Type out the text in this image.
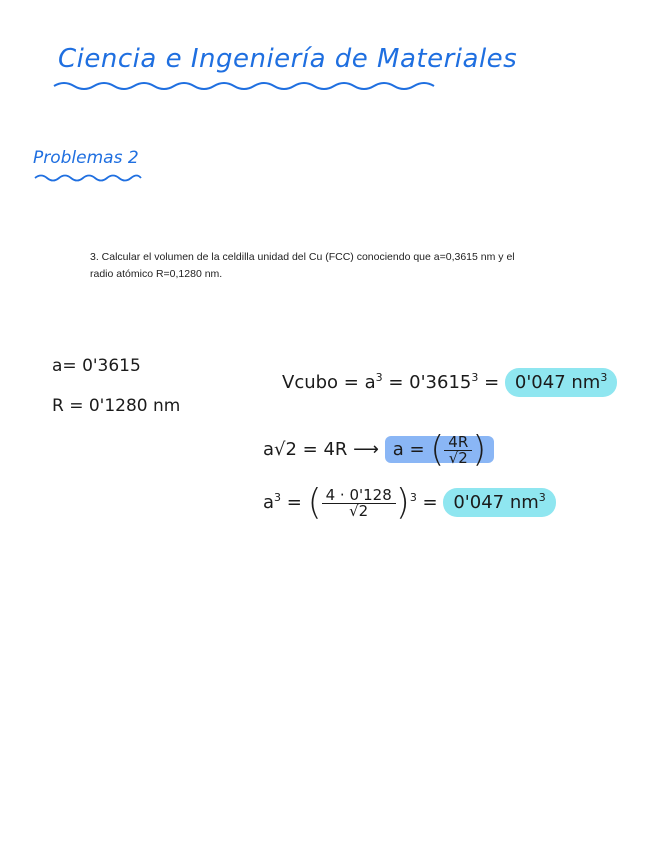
Ciencia e Ingeniería de Materiales
Problemas 2
3. Calcular el volumen de la celdilla unidad del Cu (FCC) conociendo que a=0,3615 nm y el radio atómico R=0,1280 nm.
a= 0'3615
R = 0'1280 nm
Vcubo = $a^3 = 0'3615^3 = 0'047$ $nm^3$
a√2 = 4R ⟶ a = ( $\frac{4R}{√2}$ )
$a^3$ = ( $\frac{4 \cdot 0'128}{√2} )^3 = 0'047$ $nm^3$
